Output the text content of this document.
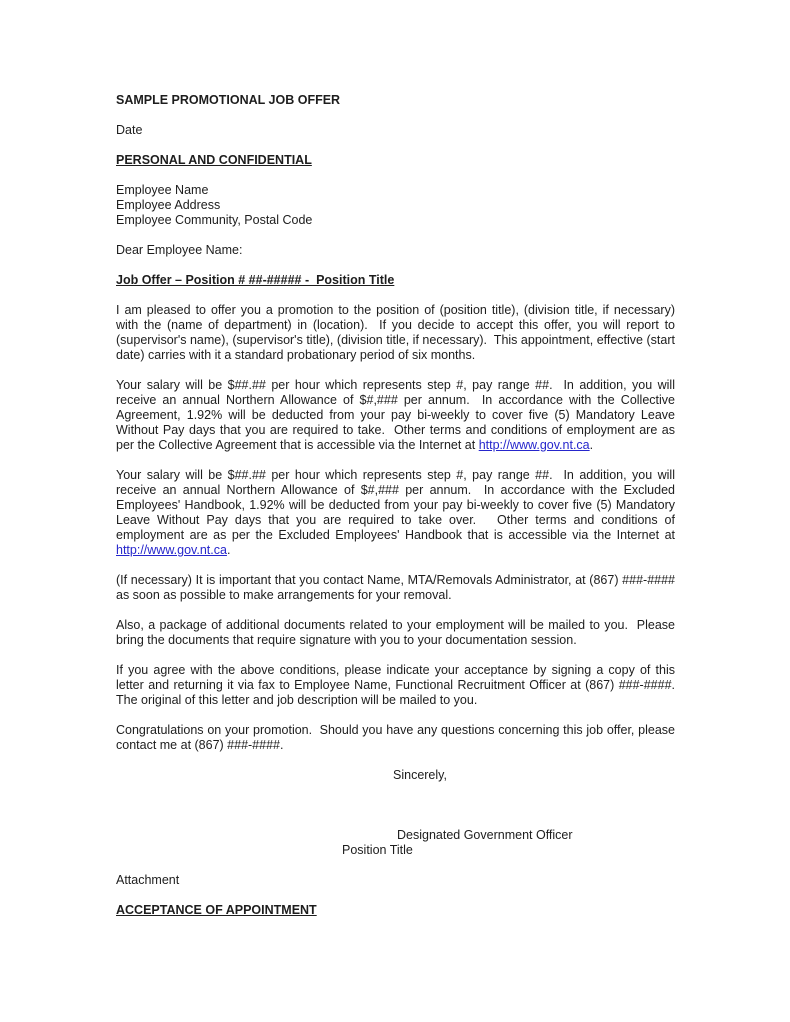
SAMPLE PROMOTIONAL JOB OFFER

Date

PERSONAL AND CONFIDENTIAL

Employee Name
Employee Address
Employee Community, Postal Code

Dear Employee Name:

Job Offer – Position # ##-##### -  Position Title

I am pleased to offer you a promotion to the position of (position title), (division title, if necessary) with the (name of department) in (location).  If you decide to accept this offer, you will report to (supervisor's name), (supervisor's title), (division title, if necessary).  This appointment, effective (start date) carries with it a standard probationary period of six months.

Your salary will be $##.## per hour which represents step #, pay range ##.  In addition, you will receive an annual Northern Allowance of $#,### per annum.  In accordance with the Collective Agreement, 1.92% will be deducted from your pay bi-weekly to cover five (5) Mandatory Leave Without Pay days that you are required to take.  Other terms and conditions of employment are as per the Collective Agreement that is accessible via the Internet at http://www.gov.nt.ca.

Your salary will be $##.## per hour which represents step #, pay range ##.  In addition, you will receive an annual Northern Allowance of $#,### per annum.  In accordance with the Excluded Employees' Handbook, 1.92% will be deducted from your pay bi-weekly to cover five (5) Mandatory Leave Without Pay days that you are required to take over.   Other terms and conditions of employment are as per the Excluded Employees' Handbook that is accessible via the Internet at http://www.gov.nt.ca.

(If necessary) It is important that you contact Name, MTA/Removals Administrator, at (867) ###-#### as soon as possible to make arrangements for your removal.

Also, a package of additional documents related to your employment will be mailed to you.  Please bring the documents that require signature with you to your documentation session.

If you agree with the above conditions, please indicate your acceptance by signing a copy of this letter and returning it via fax to Employee Name, Functional Recruitment Officer at (867) ###-####.  The original of this letter and job description will be mailed to you.

Congratulations on your promotion.  Should you have any questions concerning this job offer, please contact me at (867) ###-####.

Sincerely,

Designated Government Officer

Position Title

Attachment

ACCEPTANCE OF APPOINTMENT
